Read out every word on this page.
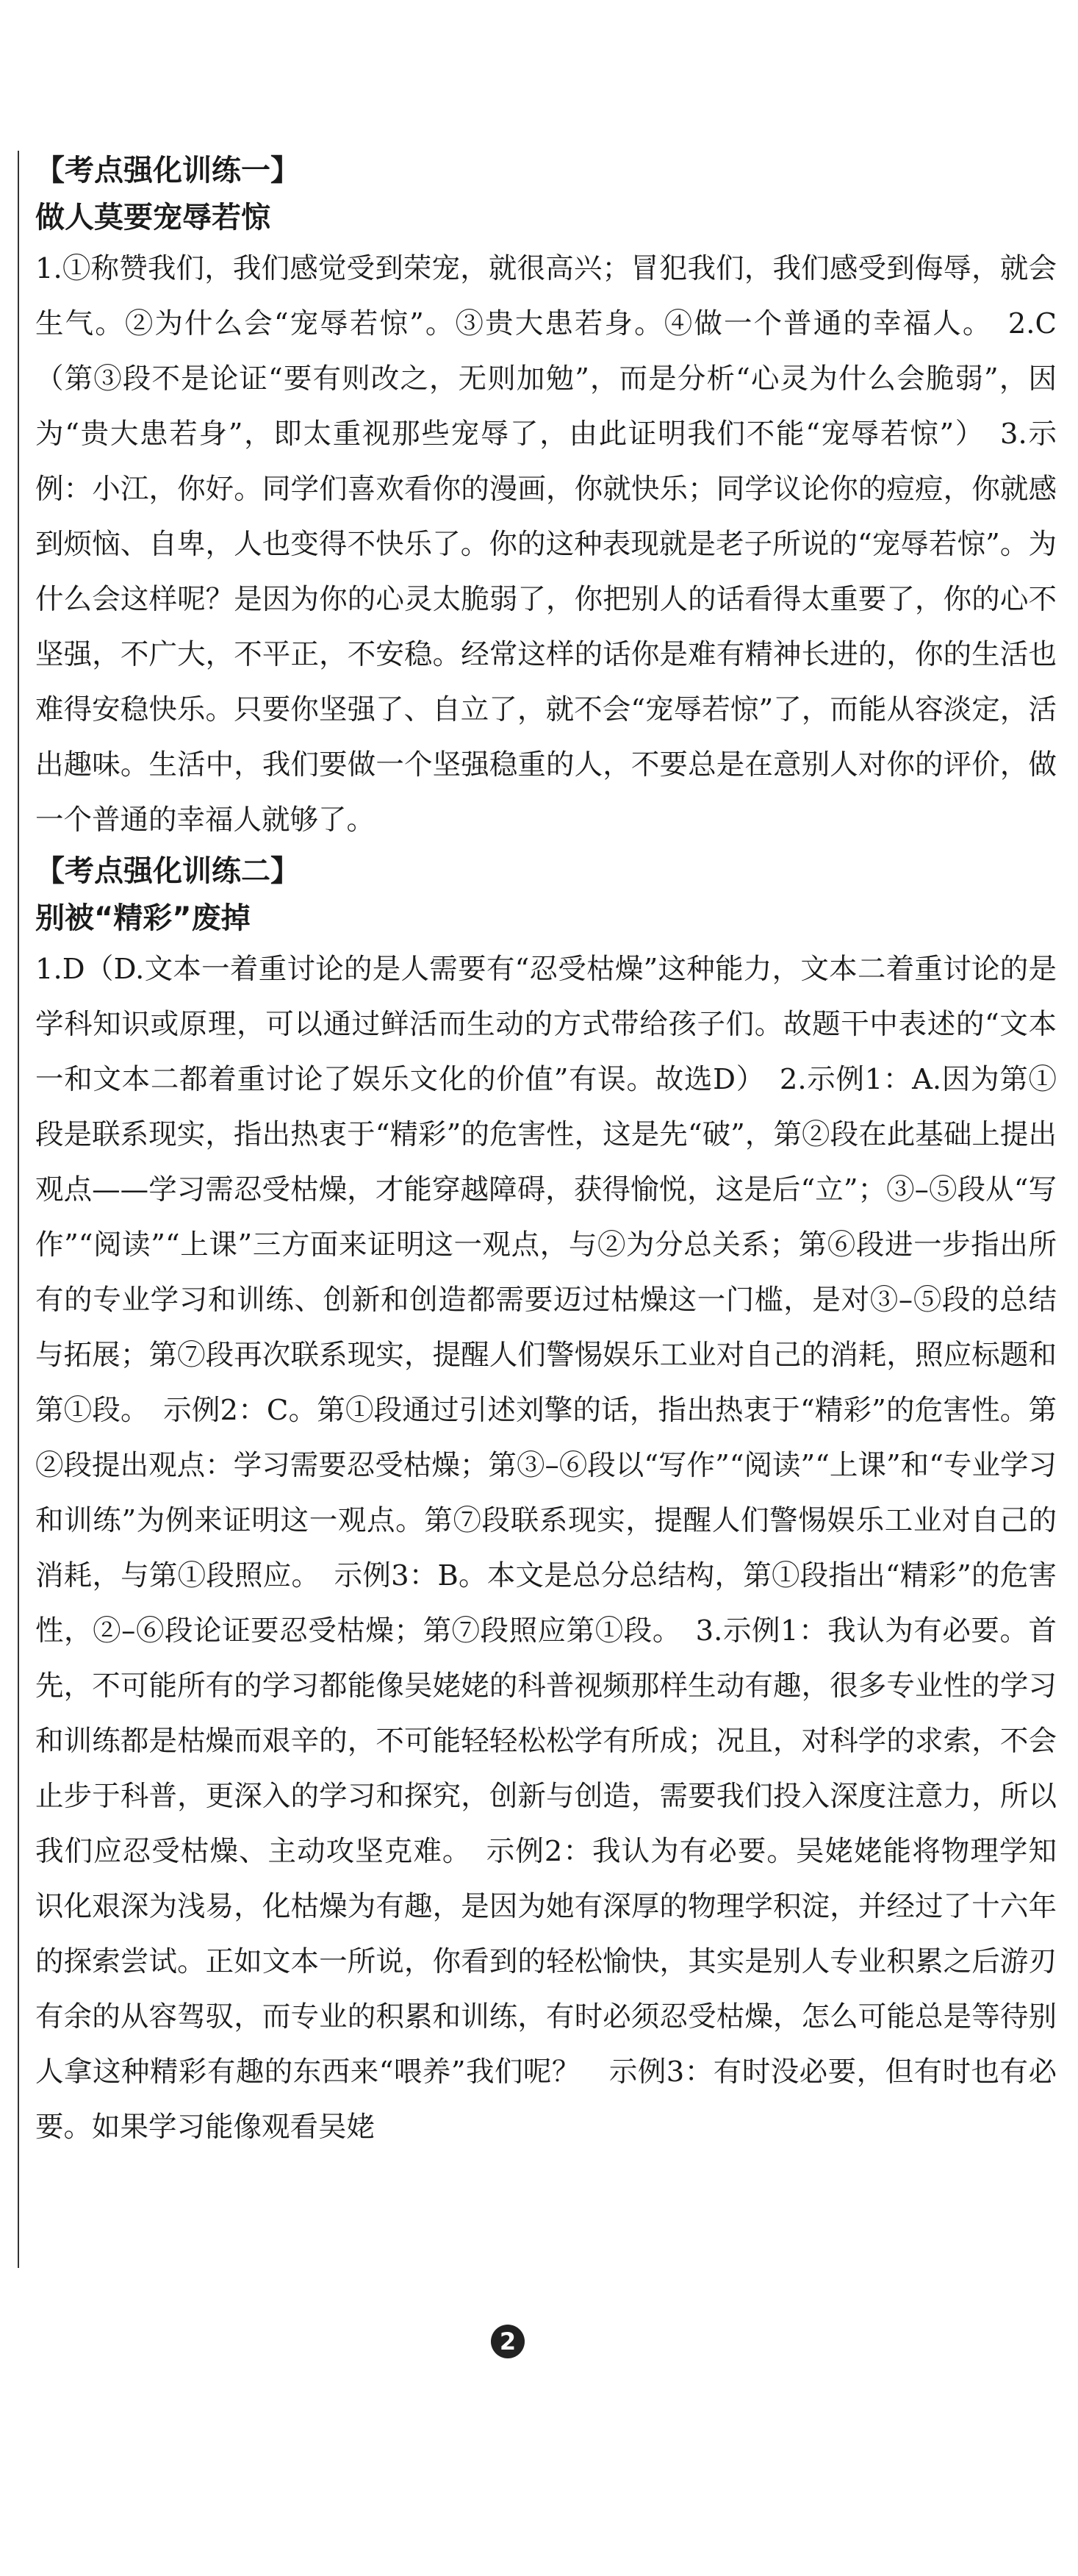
【考点强化训练一】
做人莫要宠辱若惊
1.①称赞我们，我们感觉受到荣宠，就很高兴；冒犯我们，我们感受到侮辱，就会生气。②为什么会“宠辱若惊”。③贵大患若身。④做一个普通的幸福人。　2.C（第③段不是论证“要有则改之，无则加勉”，而是分析“心灵为什么会脆弱”，因为“贵大患若身”，即太重视那些宠辱了，由此证明我们不能“宠辱若惊”）　3.示例：小江，你好。同学们喜欢看你的漫画，你就快乐；同学议论你的痘痘，你就感到烦恼、自卑，人也变得不快乐了。你的这种表现就是老子所说的“宠辱若惊”。为什么会这样呢？是因为你的心灵太脆弱了，你把别人的话看得太重要了，你的心不坚强，不广大，不平正，不安稳。经常这样的话你是难有精神长进的，你的生活也难得安稳快乐。只要你坚强了、自立了，就不会“宠辱若惊”了，而能从容淡定，活出趣味。生活中，我们要做一个坚强稳重的人，不要总是在意别人对你的评价，做一个普通的幸福人就够了。
【考点强化训练二】
别被“精彩”废掉
1.D（D.文本一着重讨论的是人需要有“忍受枯燥”这种能力，文本二着重讨论的是学科知识或原理，可以通过鲜活而生动的方式带给孩子们。故题干中表述的“文本一和文本二都着重讨论了娱乐文化的价值”有误。故选D）　2.示例1：A.因为第①段是联系现实，指出热衷于“精彩”的危害性，这是先“破”，第②段在此基础上提出观点——学习需忍受枯燥，才能穿越障碍，获得愉悦，这是后“立”；③–⑤段从“写作”“阅读”“上课”三方面来证明这一观点，与②为分总关系；第⑥段进一步指出所有的专业学习和训练、创新和创造都需要迈过枯燥这一门槛，是对③–⑤段的总结与拓展；第⑦段再次联系现实，提醒人们警惕娱乐工业对自己的消耗，照应标题和第①段。　示例2：C。第①段通过引述刘擎的话，指出热衷于“精彩”的危害性。第②段提出观点：学习需要忍受枯燥；第③–⑥段以“写作”“阅读”“上课”和“专业学习和训练”为例来证明这一观点。第⑦段联系现实，提醒人们警惕娱乐工业对自己的消耗，与第①段照应。　示例3：B。本文是总分总结构，第①段指出“精彩”的危害性，②–⑥段论证要忍受枯燥；第⑦段照应第①段。　3.示例1：我认为有必要。首先，不可能所有的学习都能像吴姥姥的科普视频那样生动有趣，很多专业性的学习和训练都是枯燥而艰辛的，不可能轻轻松松学有所成；况且，对科学的求索，不会止步于科普，更深入的学习和探究，创新与创造，需要我们投入深度注意力，所以我们应忍受枯燥、主动攻坚克难。　示例2：我认为有必要。吴姥姥能将物理学知识化艰深为浅易，化枯燥为有趣，是因为她有深厚的物理学积淀，并经过了十六年的探索尝试。正如文本一所说，你看到的轻松愉快，其实是别人专业积累之后游刃有余的从容驾驭，而专业的积累和训练，有时必须忍受枯燥，怎么可能总是等待别人拿这种精彩有趣的东西来“喂养”我们呢？　示例3：有时没必要，但有时也有必要。如果学习能像观看吴姥
2
